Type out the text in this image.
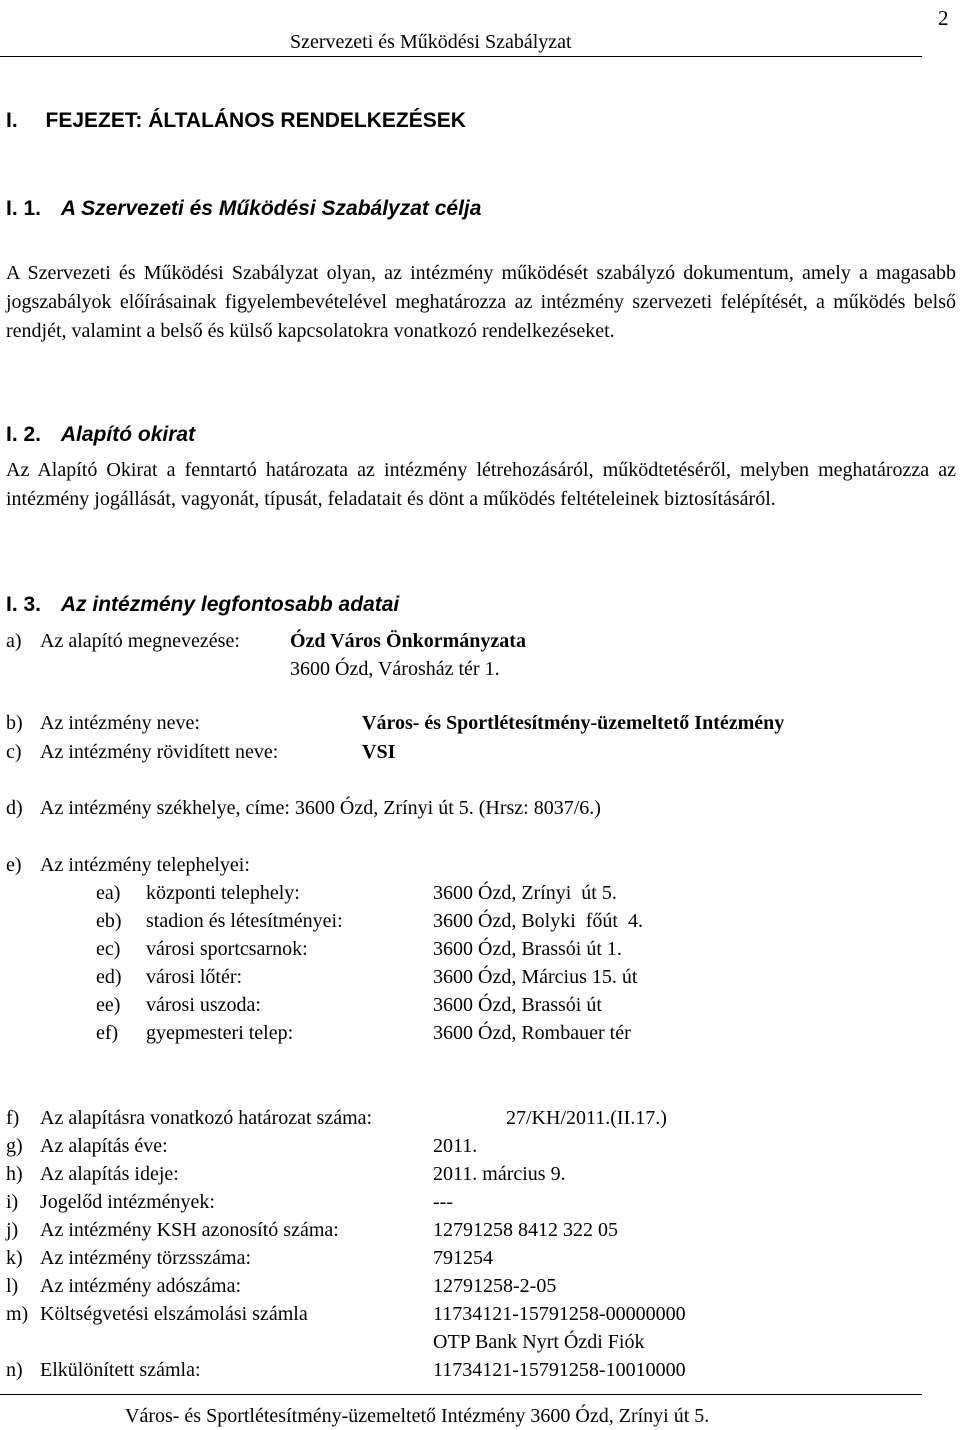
2
Szervezeti és Működési Szabályzat
I. FEJEZET: ÁLTALÁNOS RENDELKEZÉSEK
I. 1. A Szervezeti és Működési Szabályzat célja
A Szervezeti és Működési Szabályzat olyan, az intézmény működését szabályzó dokumentum, amely a magasabb jogszabályok előírásainak figyelembevételével meghatározza az intézmény szervezeti felépítését, a működés belső rendjét, valamint a belső és külső kapcsolatokra vonatkozó rendelkezéseket.
I. 2. Alapító okirat
Az Alapító Okirat a fenntartó határozata az intézmény létrehozásáról, működtetéséről, melyben meghatározza az intézmény jogállását, vagyonát, típusát, feladatait és dönt a működés feltételeinek biztosításáról.
I. 3. Az intézmény legfontosabb adatai
a) Az alapító megnevezése:	Ózd Város Önkormányzata
3600 Ózd, Városház tér 1.
b) Az intézmény neve:	Város- és Sportlétesítmény-üzemeltető Intézmény
c) Az intézmény rövidített neve:	VSI
d) Az intézmény székhelye, címe: 3600 Ózd, Zrínyi út 5. (Hrsz: 8037/6.)
e) Az intézmény telephelyei:
ea) központi telephely:	3600 Ózd, Zrínyi  út 5.
eb) stadion és létesítményei:	3600 Ózd, Bolyki  főút  4.
ec) városi sportcsarnok:	3600 Ózd, Brassói út 1.
ed) városi lőtér:	3600 Ózd, Március 15. út
ee) városi uszoda:	3600 Ózd, Brassói út
ef) gyepmesteri telep:	3600 Ózd, Rombauer tér
f) Az alapításra vonatkozó határozat száma:	27/KH/2011.(II.17.)
g) Az alapítás éve:	2011.
h) Az alapítás ideje:	2011. március 9.
i) Jogelőd intézmények:	---
j) Az intézmény KSH azonosító száma:	12791258 8412 322 05
k) Az intézmény törzsszáma:	791254
l) Az intézmény adószáma:	12791258-2-05
m) Költségvetési elszámolási számla	11734121-15791258-00000000
OTP Bank Nyrt Ózdi Fiók
n) Elkülönített számla:	11734121-15791258-10010000
Város- és Sportlétesítmény-üzemeltető Intézmény 3600 Ózd, Zrínyi út 5.
